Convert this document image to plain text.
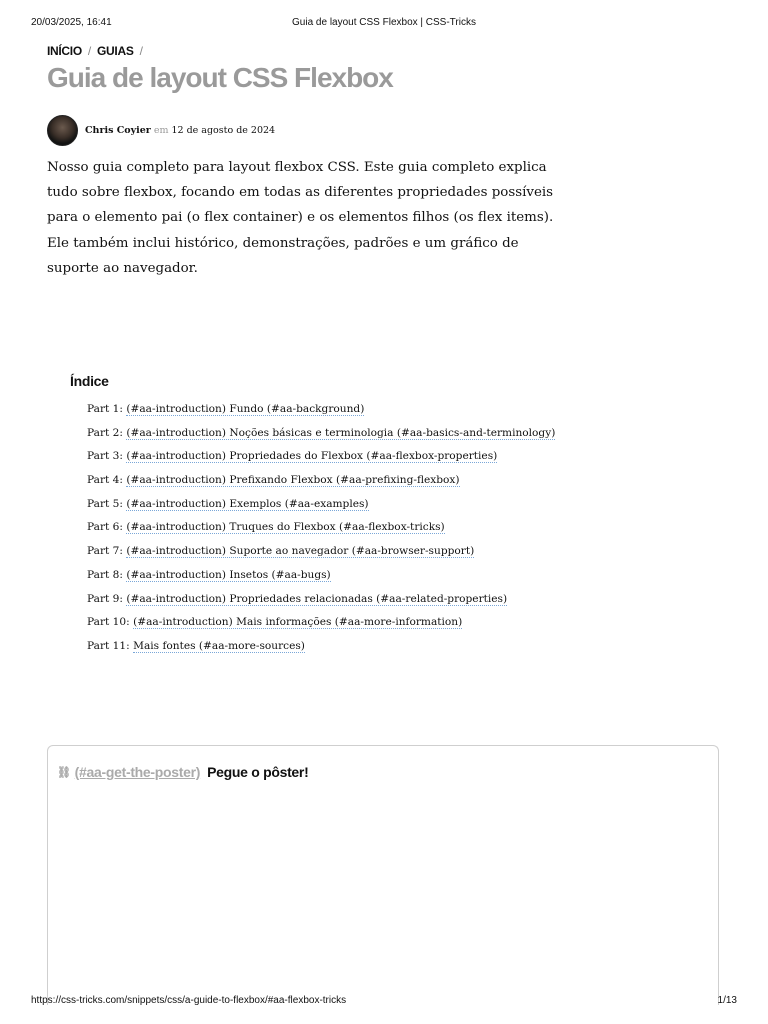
20/03/2025, 16:41	Guia de layout CSS Flexbox | CSS-Tricks
INÍCIO / GUIAS /
Guia de layout CSS Flexbox
Chris Coyier em 12 de agosto de 2024

Nosso guia completo para layout flexbox CSS. Este guia completo explica tudo sobre flexbox, focando em todas as diferentes propriedades possíveis para o elemento pai (o flex container) e os elementos filhos (os flex items). Ele também inclui histórico, demonstrações, padrões e um gráfico de suporte ao navegador.

Índice
Part 1: (#aa-introduction) Fundo (#aa-background)
Part 2: (#aa-introduction) Noções básicas e terminologia (#aa-basics-and-terminology)
Part 3: (#aa-introduction) Propriedades do Flexbox (#aa-flexbox-properties)
Part 4: (#aa-introduction) Prefixando Flexbox (#aa-prefixing-flexbox)
Part 5: (#aa-introduction) Exemplos (#aa-examples)
Part 6: (#aa-introduction) Truques do Flexbox (#aa-flexbox-tricks)
Part 7: (#aa-introduction) Suporte ao navegador (#aa-browser-support)
Part 8: (#aa-introduction) Insetos (#aa-bugs)
Part 9: (#aa-introduction) Propriedades relacionadas (#aa-related-properties)
Part 10: (#aa-introduction) Mais informações (#aa-more-information)
Part 11: Mais fontes (#aa-more-sources)
⛓ (#aa-get-the-poster) Pegue o pôster!
https://css-tricks.com/snippets/css/a-guide-to-flexbox/#aa-flexbox-tricks	1/13
